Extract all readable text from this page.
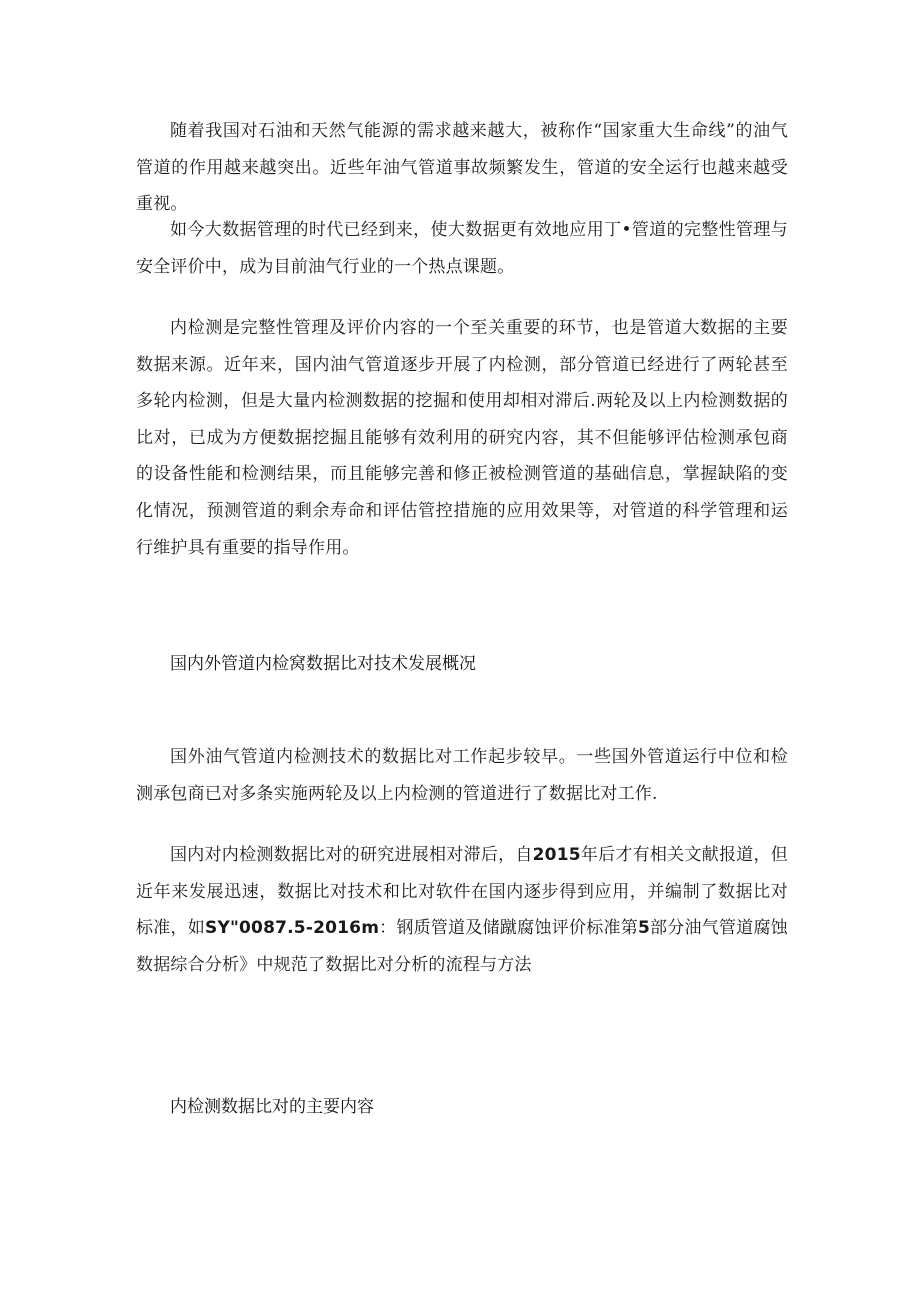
随着我国对石油和天然气能源的需求越来越大，被称作“国家重大生命线”的油气管道的作用越来越突出。近些年油气管道事故频繁发生，管道的安全运行也越来越受重视。

如今大数据管理的时代已经到来，使大数据更有效地应用丁•管道的完整性管理与安全评价中，成为目前油气行业的一个热点课题。

内检测是完整性管理及评价内容的一个至关重要的环节，也是管道大数据的主要数据来源。近年来，国内油气管道逐步开展了内检测，部分管道已经进行了两轮甚至多轮内检测，但是大量内检测数据的挖掘和使用却相对滞后.两轮及以上内检测数据的比对，已成为方便数据挖掘且能够有效利用的研究内容，其不但能够评估检测承包商的设备性能和检测结果，而且能够完善和修正被检测管道的基础信息，掌握缺陷的变化情况，预测管道的剩余寿命和评估管控措施的应用效果等，对管道的科学管理和运行维护具有重要的指导作用。

国内外管道内检窝数据比对技术发展概况

国外油气管道内检测技术的数据比对工作起步较早。一些国外管道运行中位和检测承包商已对多条实施两轮及以上内检测的管道进行了数据比对工作.

国内对内检测数据比对的研究进展相对滞后，自2015年后才有相关文献报道，但近年来发展迅速，数据比对技术和比对软件在国内逐步得到应用，并编制了数据比对标准，如SY"0087.5-2016m：钢质管道及储蹴腐蚀评价标准第5部分油气管道腐蚀数据综合分析》中规范了数据比对分析的流程与方法

内检测数据比对的主要内容
